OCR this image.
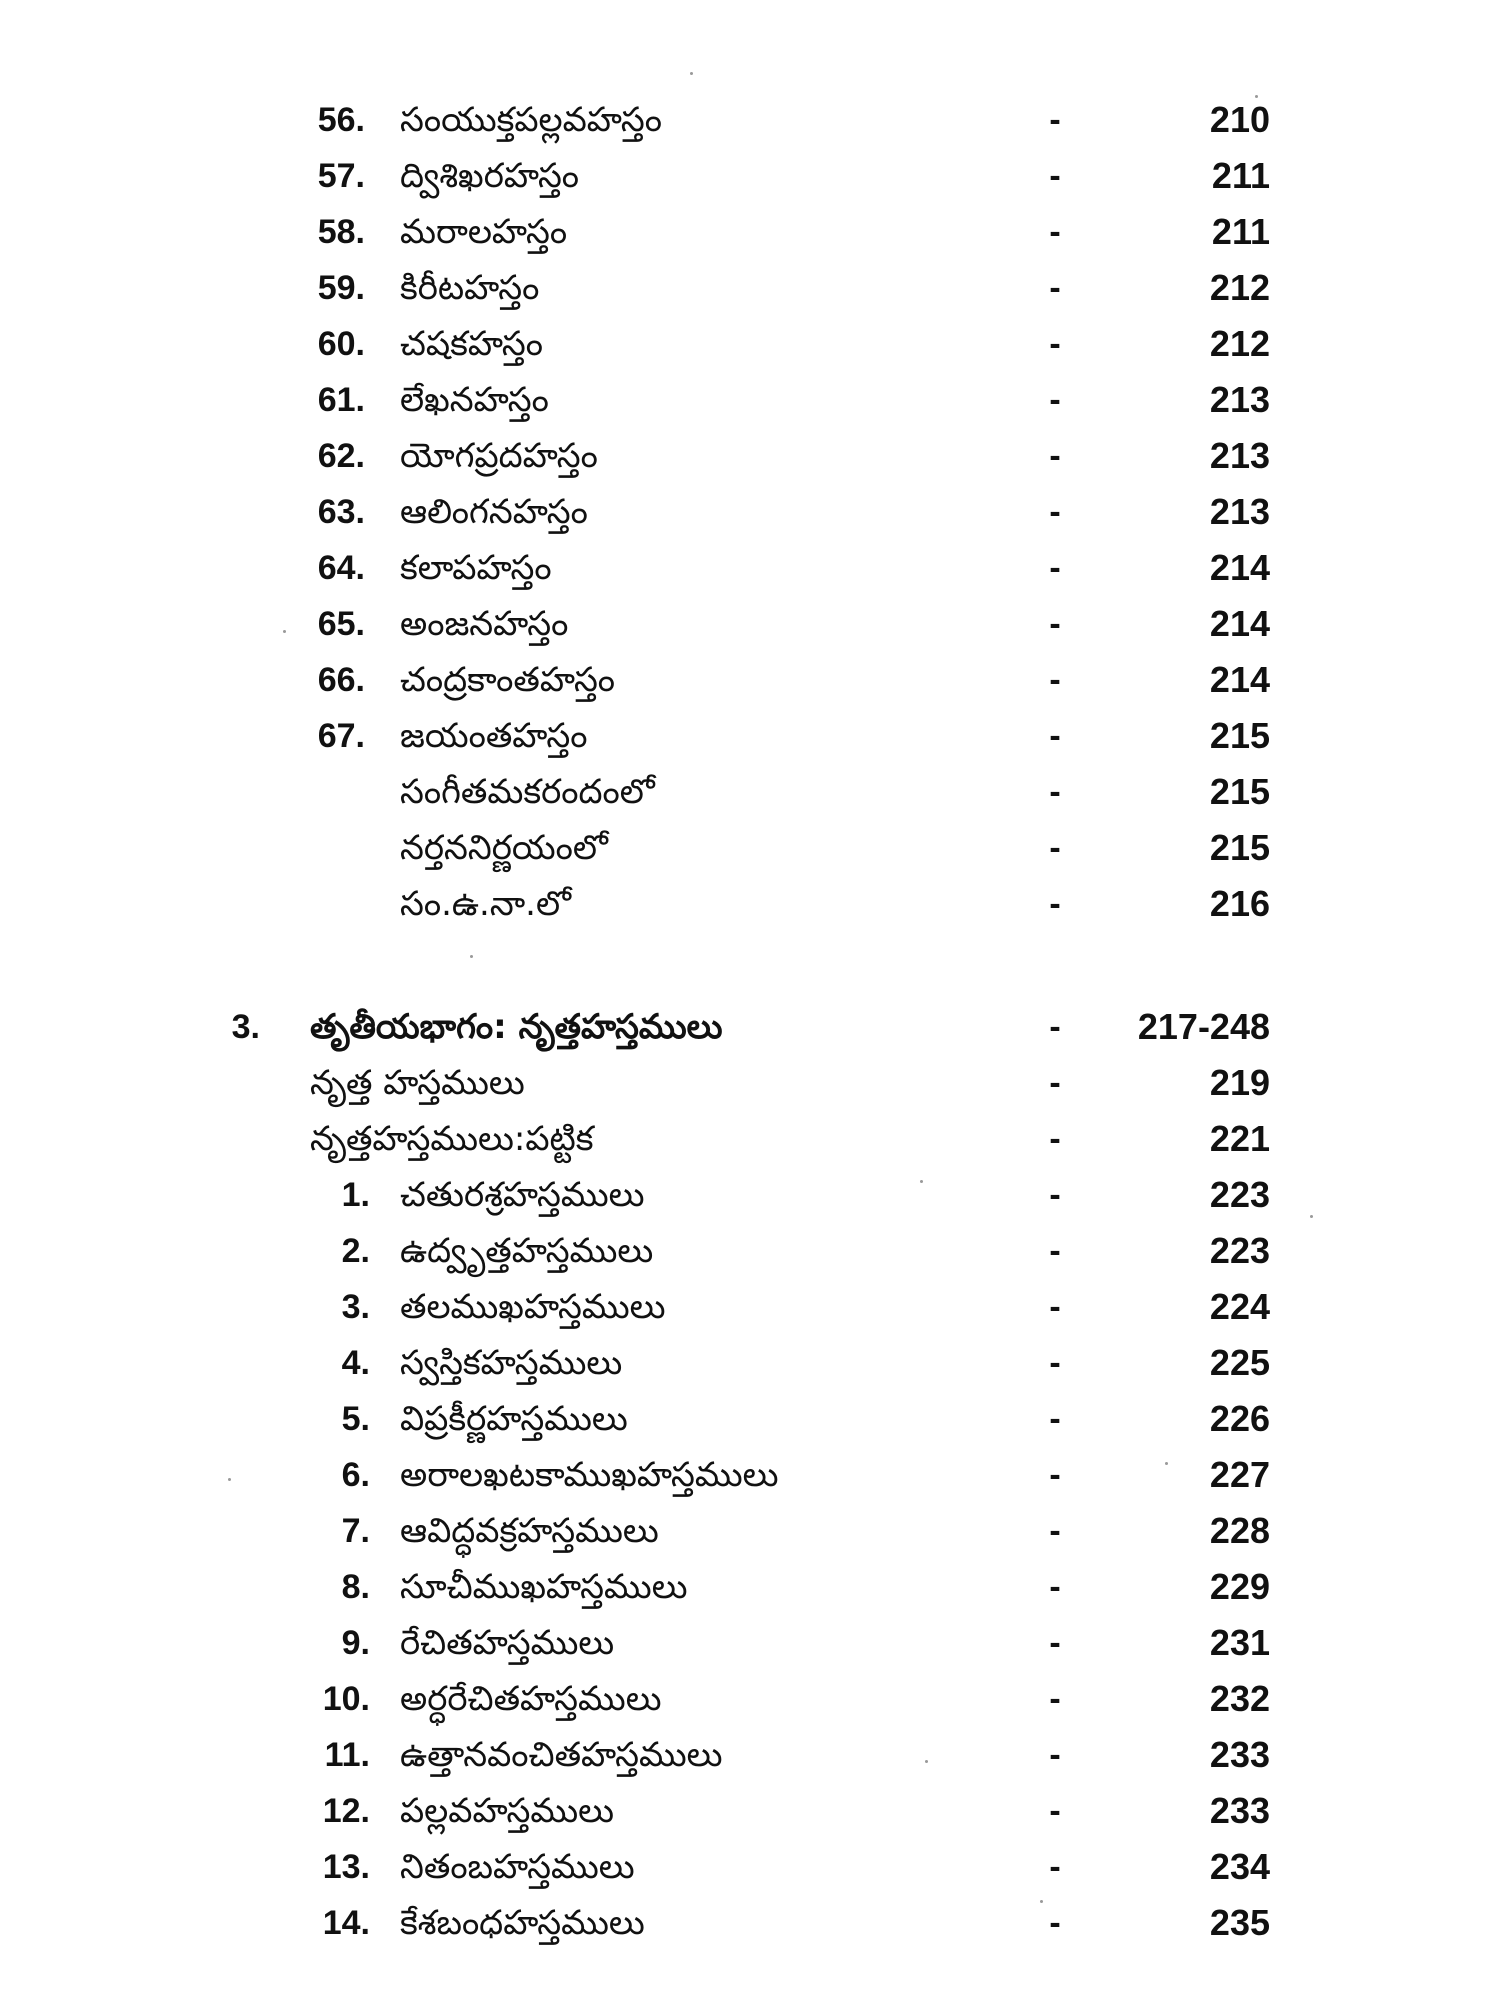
56. సంయుక్తపల్లవహస్తం	-	210
57. ద్విశిఖరహస్తం	-	211
58. మరాలహస్తం	-	211
59. కిరీటహస్తం	-	212
60. చషకహస్తం	-	212
61. లేఖనహస్తం	-	213
62. యోగప్రదహస్తం	-	213
63. ఆలింగనహస్తం	-	213
64. కలాపహస్తం	-	214
65. అంజనహస్తం	-	214
66. చంద్రకాంతహస్తం	-	214
67. జయంతహస్తం	-	215
సంగీతమకరందంలో	-	215
నర్తననిర్ణయంలో	-	215
సం.ఉ.నా.లో	-	216
3. తృతీయభాగం: నృత్తహస్తములు	- 217-248
నృత్త హస్తములు	-	219
నృత్తహస్తములు:పట్టిక	-	221
1. చతురశ్రహస్తములు	-	223
2. ఉద్వృత్తహస్తములు	-	223
3. తలముఖహస్తములు	-	224
4. స్వస్తికహస్తములు	-	225
5. విప్రకీర్ణహస్తములు	-	226
6. అరాలఖటకాముఖహస్తములు	-	227
7. ఆవిద్ధవక్రహస్తములు	-	228
8. సూచీముఖహస్తములు	-	229
9. రేచితహస్తములు	-	231
10. అర్ధరేచితహస్తములు	-	232
11. ఉత్తానవంచితహస్తములు	-	233
12. పల్లవహస్తములు	-	233
13. నితంబహస్తములు	-	234
14. కేశబంధహస్తములు	-	235
